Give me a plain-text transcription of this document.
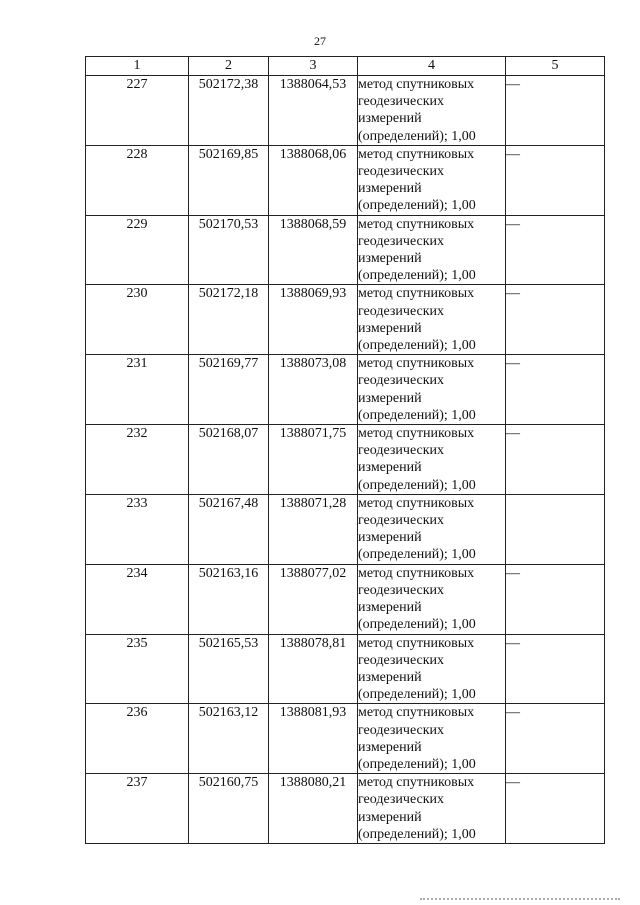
27
1	2	3	4	5
227	502172,38	1388064,53	метод спутниковых
геодезических
измерений
(определений); 1,00	—
228	502169,85	1388068,06	метод спутниковых
геодезических
измерений
(определений); 1,00	—
229	502170,53	1388068,59	метод спутниковых
геодезических
измерений
(определений); 1,00	—
230	502172,18	1388069,93	метод спутниковых
геодезических
измерений
(определений); 1,00	—
231	502169,77	1388073,08	метод спутниковых
геодезических
измерений
(определений); 1,00	—
232	502168,07	1388071,75	метод спутниковых
геодезических
измерений
(определений); 1,00	—
233	502167,48	1388071,28	метод спутниковых
геодезических
измерений
(определений); 1,00	

234	502163,16	1388077,02	метод спутниковых
геодезических
измерений
(определений); 1,00	—
235	502165,53	1388078,81	метод спутниковых
геодезических
измерений
(определений); 1,00	—
236	502163,12	1388081,93	метод спутниковых
геодезических
измерений
(определений); 1,00	—
237	502160,75	1388080,21	метод спутниковых
геодезических
измерений
(определений); 1,00	—
